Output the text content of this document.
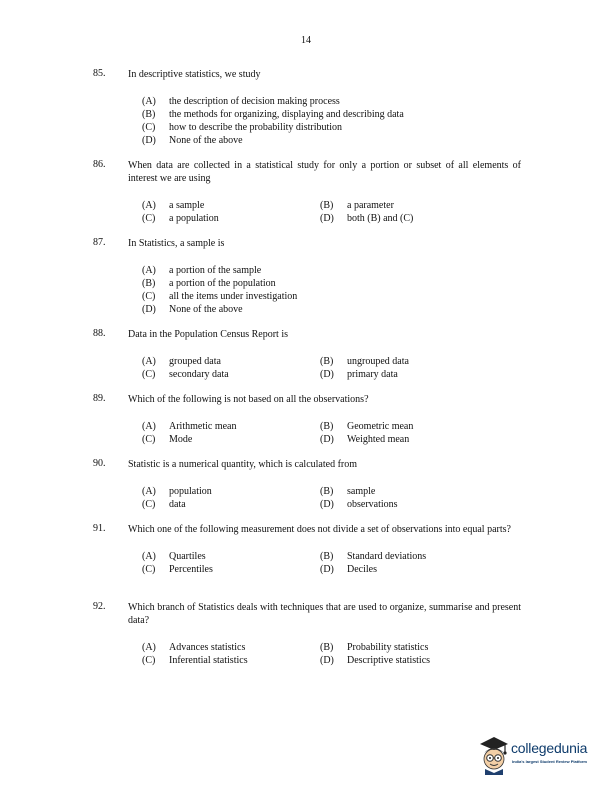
14
85. In descriptive statistics, we study
(A)	the description of decision making process
(B)	the methods for organizing, displaying and describing data
(C)	how to describe the probability distribution
(D)	None of the above
86. When data are collected in a statistical study for only a portion or subset of all elements of interest we are using
(A)	a sample	(B)	a parameter
(C)	a population	(D)	both (B) and (C)
87. In Statistics, a sample is
(A)	a portion of the sample
(B)	a portion of the population
(C)	all the items under investigation
(D)	None of the above
88. Data in the Population Census Report is
(A)	grouped data	(B)	ungrouped data
(C)	secondary data	(D)	primary data
89. Which of the following is not based on all the observations?
(A)	Arithmetic mean	(B)	Geometric mean
(C)	Mode	(D)	Weighted mean
90. Statistic is a numerical quantity, which is calculated from
(A)	population	(B)	sample
(C)	data	(D)	observations
91. Which one of the following measurement does not divide a set of observations into equal parts?
(A)	Quartiles	(B)	Standard deviations
(C)	Percentiles	(D)	Deciles
92. Which branch of Statistics deals with techniques that are used to organize, summarise and present data?
(A)	Advances statistics	(B)	Probability statistics
(C)	Inferential statistics	(D)	Descriptive statistics
collegedunia
India's largest Student Review Platform
